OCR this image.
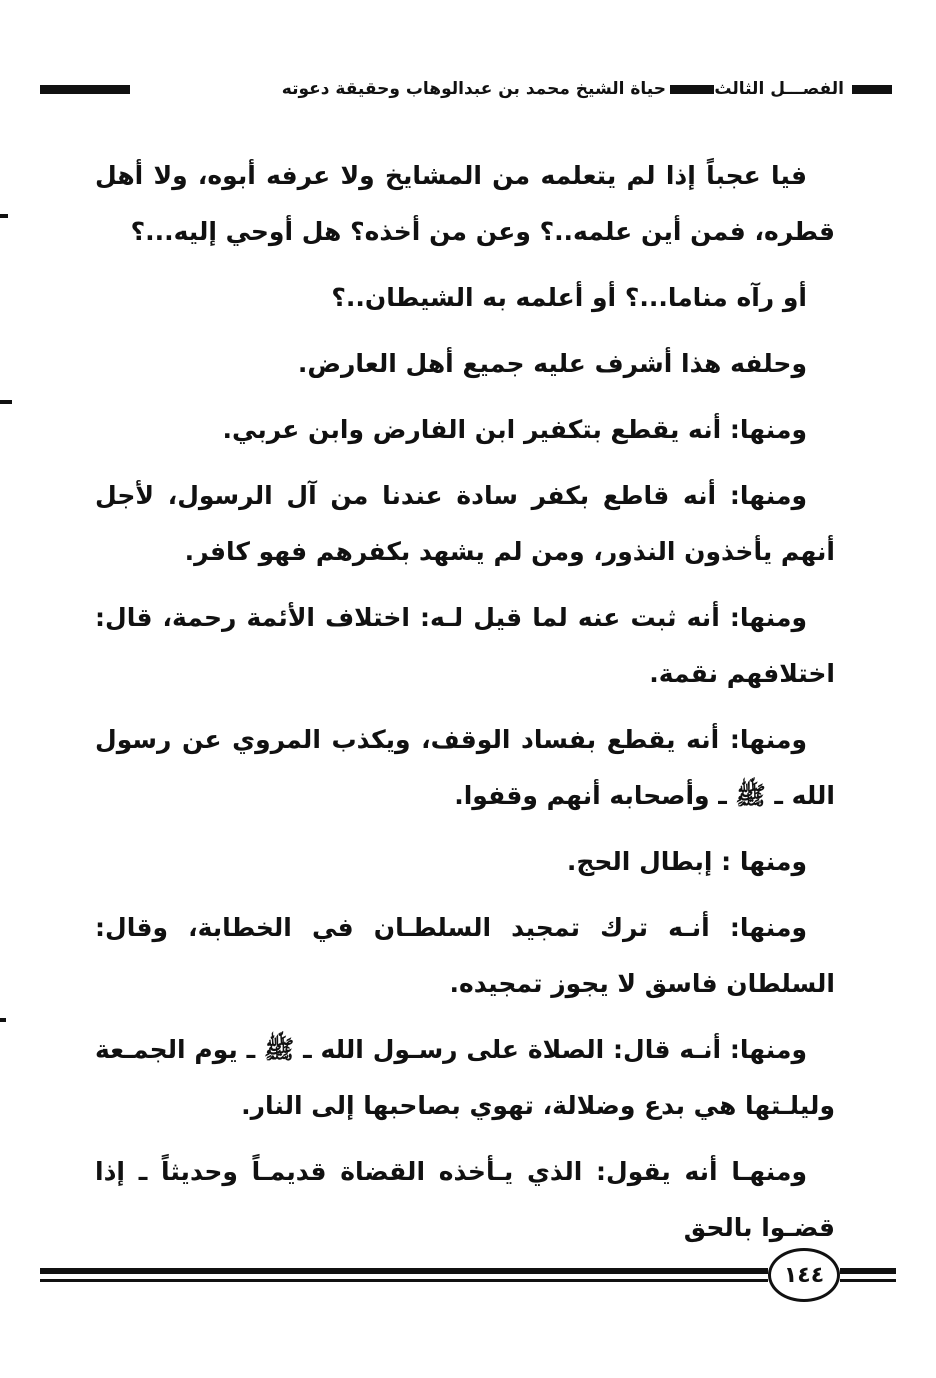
الفصـــل الثالث
حياة الشيخ محمد بن عبدالوهاب وحقيقة دعوته

فيا عجباً إذا لم يتعلمه من المشايخ ولا عرفه أبوه، ولا أهل قطره، فمن أين علمه..؟ وعن من أخذه؟ هل أوحي إليه...؟

أو رآه مناما...؟ أو أعلمه به الشيطان..؟

وحلفه هذا أشرف عليه جميع أهل العارض.

ومنها: أنه يقطع بتكفير ابن الفارض وابن عربي.

ومنها: أنه قاطع بكفر سادة عندنا من آل الرسول، لأجل أنهم يأخذون النذور، ومن لم يشهد بكفرهم فهو كافر.

ومنها: أنه ثبت عنه لما قيل لـه: اختلاف الأئمة رحمة، قال: اختلافهم نقمة.

ومنها: أنه يقطع بفساد الوقف، ويكذب المروي عن رسول الله ـ ﷺ ـ وأصحابه أنهم وقفوا.

ومنها : إبطال الحج.

ومنها: أنـه ترك تمجيد السلطـان في الخطابة، وقال: السلطان فاسق لا يجوز تمجيده.

ومنها: أنـه قال: الصلاة على رسـول الله ـ ﷺ ـ يوم الجمـعة وليلـتها هي بدع وضلالة، تهوي بصاحبها إلى النار.

ومنهـا أنه يقول: الذي يـأخذه القضاة قديمـاً وحديثاً ـ إذا قضـوا بالحق

١٤٤
